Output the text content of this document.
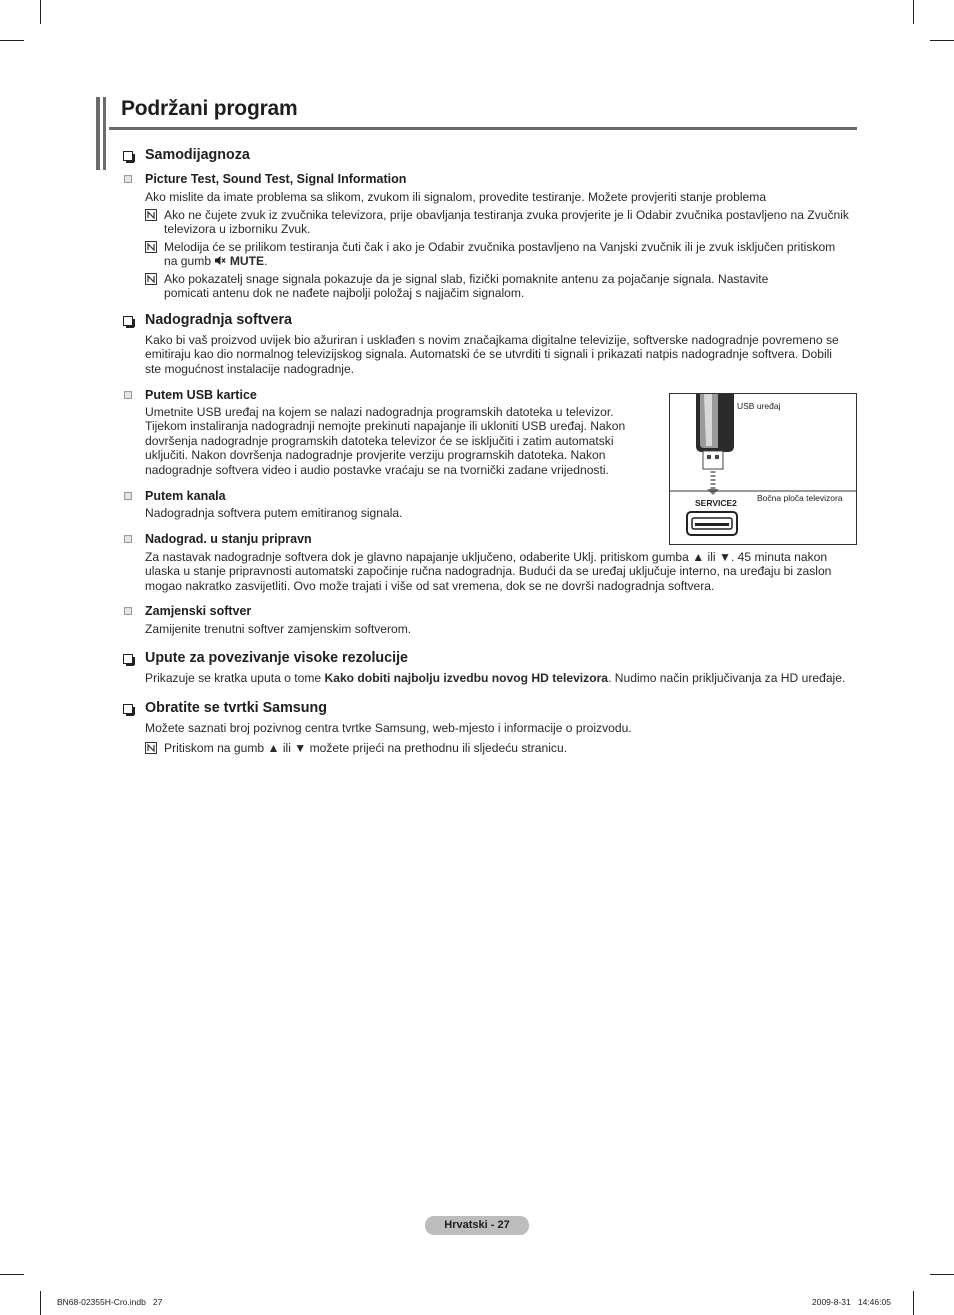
Podržani program
Samodijagnoza
Picture Test, Sound Test, Signal Information
Ako mislite da imate problema sa slikom, zvukom ili signalom, provedite testiranje. Možete provjeriti stanje problema
Ako ne čujete zvuk iz zvučnika televizora, prije obavljanja testiranja zvuka provjerite je li Odabir zvučnika postavljeno na Zvučnik
televizora u izborniku Zvuk.
Melodija će se prilikom testiranja čuti čak i ako je Odabir zvučnika postavljeno na Vanjski zvučnik ili je zvuk isključen pritiskom
na gumb MUTE.
Ako pokazatelj snage signala pokazuje da je signal slab, fizički pomaknite antenu za pojačanje signala. Nastavite
pomicati antenu dok ne nađete najbolji položaj s najjačim signalom.
Nadogradnja softvera
Kako bi vaš proizvod uvijek bio ažuriran i usklađen s novim značajkama digitalne televizije, softverske nadogradnje povremeno se
emitiraju kao dio normalnog televizijskog signala. Automatski će se utvrditi ti signali i prikazati natpis nadogradnje softvera. Dobili
ste mogućnost instalacije nadogradnje.
Putem USB kartice
Umetnite USB uređaj na kojem se nalazi nadogradnja programskih datoteka u televizor.
Tijekom instaliranja nadogradnji nemojte prekinuti napajanje ili ukloniti USB uređaj. Nakon
dovršenja nadogradnje programskih datoteka televizor će se isključiti i zatim automatski
uključiti. Nakon dovršenja nadogradnje provjerite verziju programskih datoteka. Nakon
nadogradnje softvera video i audio postavke vraćaju se na tvornički zadane vrijednosti.
USB uređaj
Bočna ploča televizora
SERVICE2
Putem kanala
Nadogradnja softvera putem emitiranog signala.
Nadograd. u stanju pripravn
Za nastavak nadogradnje softvera dok je glavno napajanje uključeno, odaberite Uklj. pritiskom gumba ▲ ili ▼. 45 minuta nakon
ulaska u stanje pripravnosti automatski započinje ručna nadogradnja. Budući da se uređaj uključuje interno, na uređaju bi zaslon
mogao nakratko zasvijetliti. Ovo može trajati i više od sat vremena, dok se ne dovrši nadogradnja softvera.
Zamjenski softver
Zamijenite trenutni softver zamjenskim softverom.
Upute za povezivanje visoke rezolucije
Prikazuje se kratka uputa o tome Kako dobiti najbolju izvedbu novog HD televizora. Nudimo način priključivanja za HD uređaje.
Obratite se tvrtki Samsung
Možete saznati broj pozivnog centra tvrtke Samsung, web-mjesto i informacije o proizvodu.
Pritiskom na gumb ▲ ili ▼ možete prijeći na prethodnu ili sljedeću stranicu.
Hrvatski - 27
BN68-02355H-Cro.indb   27	2009-8-31   14:46:05
